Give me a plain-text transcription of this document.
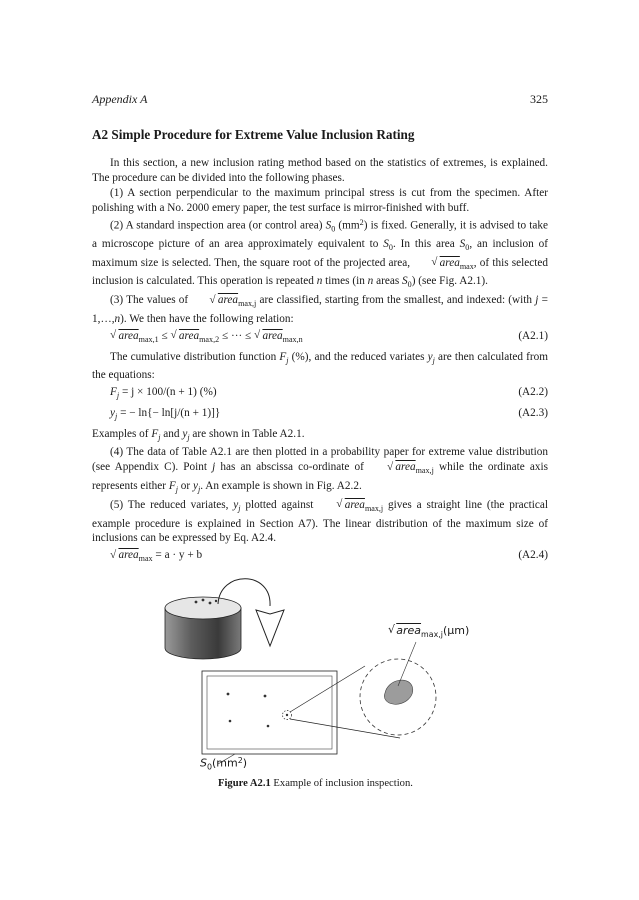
Appendix A	325
A2 Simple Procedure for Extreme Value Inclusion Rating

In this section, a new inclusion rating method based on the statistics of extremes, is explained. The procedure can be divided into the following phases.

(1) A section perpendicular to the maximum principal stress is cut from the specimen. After polishing with a No. 2000 emery paper, the test surface is mirror-finished with buff.

(2) A standard inspection area (or control area) $S_0$ $(mm^2)$ is fixed. Generally, it is advised to take a microscope picture of an area approximately equivalent to $S_0$. In this area $S_0$, an inclusion of maximum size is selected. Then, the square root of the projected area, √ area$_{max}$, of this selected inclusion is calculated. This operation is repeated n times (in n areas $S_0$) (see Fig. A2.1).

(3) The values of √ area$_{max,j}$ are classified, starting from the smallest, and indexed: (with j = 1,…,n). We then have the following relation:

√ area$_{max,1}$ ≤ √ area$_{max,2}$ ≤ ··· ≤ √ area$_{max,n}$	(A2.1)

The cumulative distribution function $F_j$ (%), and the reduced variates $y_j$ are then calculated from the equations:

$F_j = j \times 100/(n + 1)$ (%)	(A2.2)
$y_j$ = − ln{− ln[j/(n + 1)]}	(A2.3)

Examples of $F_j$ and $y_j$ are shown in Table A2.1.

(4) The data of Table A2.1 are then plotted in a probability paper for extreme value distribution (see Appendix C). Point j has an abscissa co-ordinate of √ area$_{max,j}$ while the ordinate axis represents either $F_j$ or $y_j$. An example is shown in Fig. A2.2.

(5) The reduced variates, $y_j$ plotted against √ area$_{max,j}$ gives a straight line (the practical example procedure is explained in Section A7). The linear distribution of the maximum size of inclusions can be expressed by Eq. A2.4.

√ area$_{max}$ = a · y + b	(A2.4)
√ area$_{max,j}$(μm)
$S_0(mm^2)$
Figure A2.1 Example of inclusion inspection.
